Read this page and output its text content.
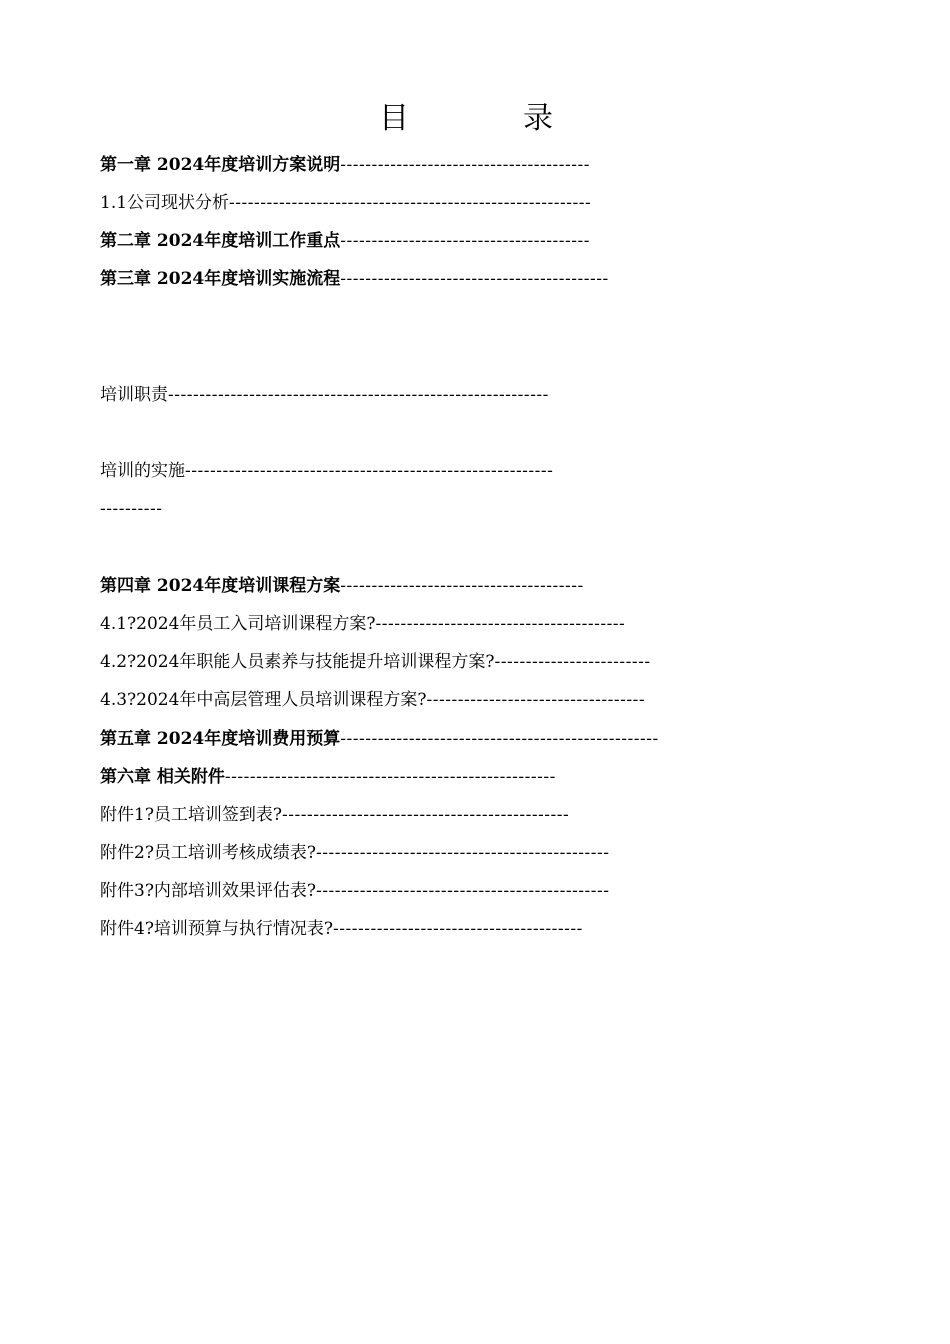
目　录
第一章 2024年度培训方案说明----------------------------------------
1.1公司现状分析----------------------------------------------------------
第二章 2024年度培训工作重点----------------------------------------
第三章 2024年度培训实施流程-------------------------------------------
培训职责-------------------------------------------------------------
培训的实施-----------------------------------------------------------
----------
第四章 2024年度培训课程方案---------------------------------------
4.1?2024年员工入司培训课程方案?----------------------------------------
4.2?2024年职能人员素养与技能提升培训课程方案?-------------------------
4.3?2024年中高层管理人员培训课程方案?-----------------------------------
第五章 2024年度培训费用预算---------------------------------------------------
第六章 相关附件-----------------------------------------------------
附件1?员工培训签到表?----------------------------------------------
附件2?员工培训考核成绩表?-----------------------------------------------
附件3?内部培训效果评估表?-----------------------------------------------
附件4?培训预算与执行情况表?----------------------------------------
